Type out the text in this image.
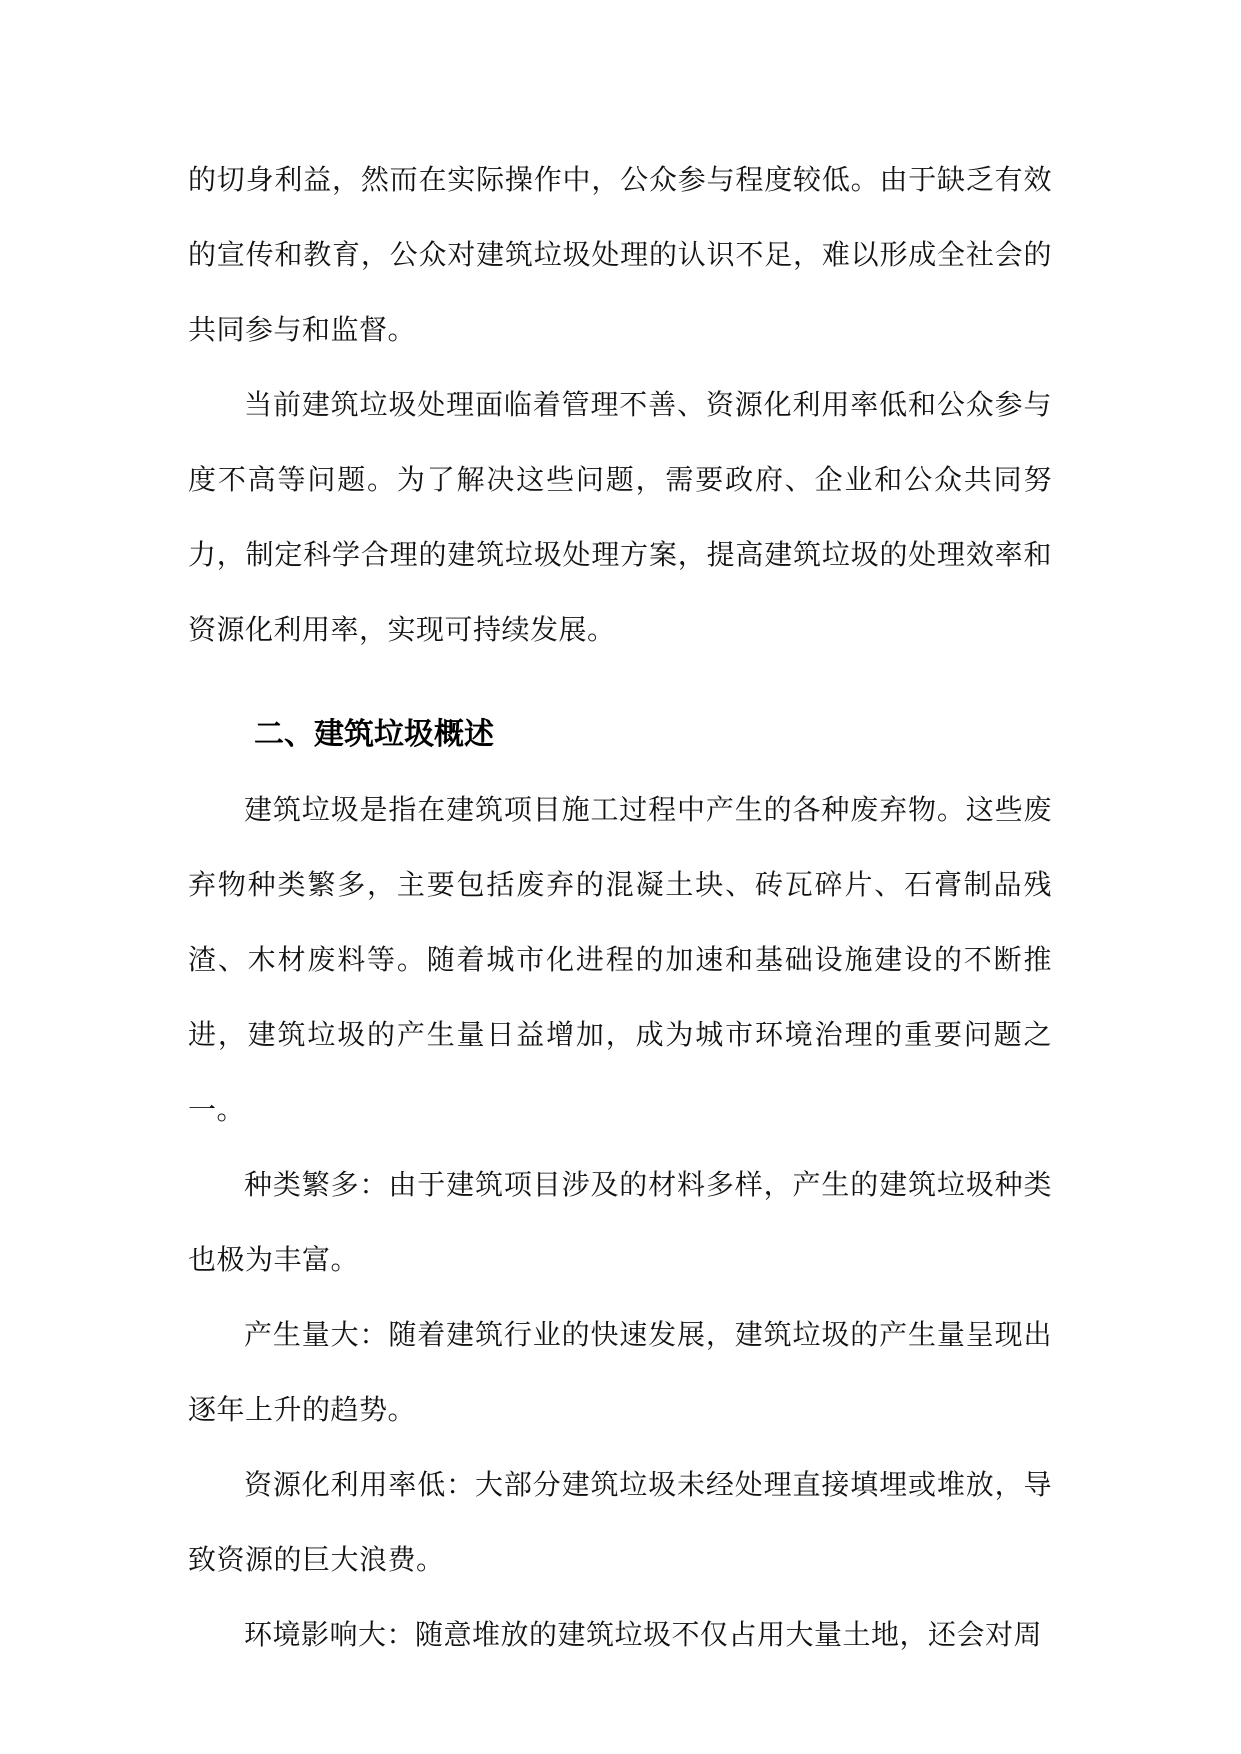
的切身利益，然而在实际操作中，公众参与程度较低。由于缺乏有效的宣传和教育，公众对建筑垃圾处理的认识不足，难以形成全社会的共同参与和监督。

当前建筑垃圾处理面临着管理不善、资源化利用率低和公众参与度不高等问题。为了解决这些问题，需要政府、企业和公众共同努力，制定科学合理的建筑垃圾处理方案，提高建筑垃圾的处理效率和资源化利用率，实现可持续发展。

二、建筑垃圾概述

建筑垃圾是指在建筑项目施工过程中产生的各种废弃物。这些废弃物种类繁多，主要包括废弃的混凝土块、砖瓦碎片、石膏制品残渣、木材废料等。随着城市化进程的加速和基础设施建设的不断推进，建筑垃圾的产生量日益增加，成为城市环境治理的重要问题之一。

种类繁多：由于建筑项目涉及的材料多样，产生的建筑垃圾种类也极为丰富。

产生量大：随着建筑行业的快速发展，建筑垃圾的产生量呈现出逐年上升的趋势。

资源化利用率低：大部分建筑垃圾未经处理直接填埋或堆放，导致资源的巨大浪费。

环境影响大：随意堆放的建筑垃圾不仅占用大量土地，还会对周
